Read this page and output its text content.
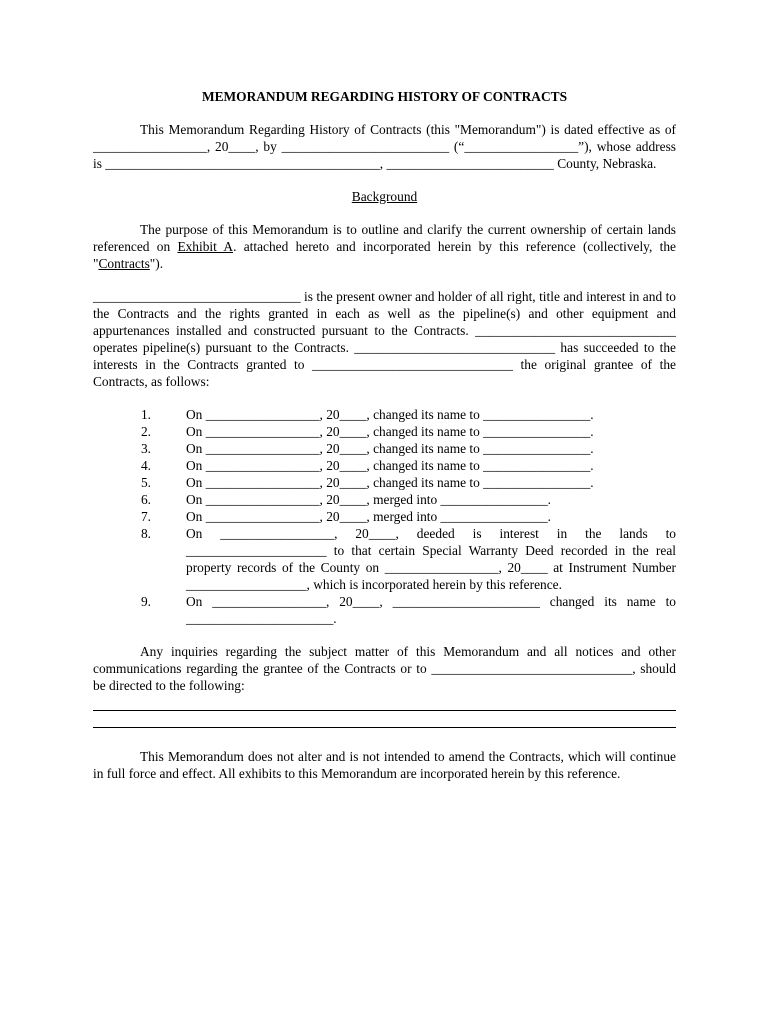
MEMORANDUM REGARDING HISTORY OF CONTRACTS

This Memorandum Regarding History of Contracts (this "Memorandum") is dated effective as of _________________, 20____, by _________________________ (“_________________”), whose address is _________________________________________, _________________________ County, Nebraska.

Background

The purpose of this Memorandum is to outline and clarify the current ownership of certain lands referenced on Exhibit A. attached hereto and incorporated herein by this reference (collectively, the "Contracts").

_______________________________ is the present owner and holder of all right, title and interest in and to the Contracts and the rights granted in each as well as the pipeline(s) and other equipment and appurtenances installed and constructed pursuant to the Contracts. ______________________________ operates pipeline(s) pursuant to the Contracts. ______________________________ has succeeded to the interests in the Contracts granted to ______________________________ the original grantee of the Contracts, as follows:

1.	On _________________, 20____, changed its name to ________________.
2.	On _________________, 20____, changed its name to ________________.
3.	On _________________, 20____, changed its name to ________________.
4.	On _________________, 20____, changed its name to ________________.
5.	On _________________, 20____, changed its name to ________________.
6.	On _________________, 20____, merged into ________________.
7.	On _________________, 20____, merged into ________________.
8.	On _________________, 20____, deeded is interest in the lands to _____________________ to that certain Special Warranty Deed recorded in the real property records of the County on _________________, 20____ at Instrument Number __________________, which is incorporated herein by this reference.
9.	On _________________, 20____, ______________________ changed its name to ______________________.

Any inquiries regarding the subject matter of this Memorandum and all notices and other communications regarding the grantee of the Contracts or to ______________________________, should be directed to the following:

This Memorandum does not alter and is not intended to amend the Contracts, which will continue in full force and effect. All exhibits to this Memorandum are incorporated herein by this reference.
